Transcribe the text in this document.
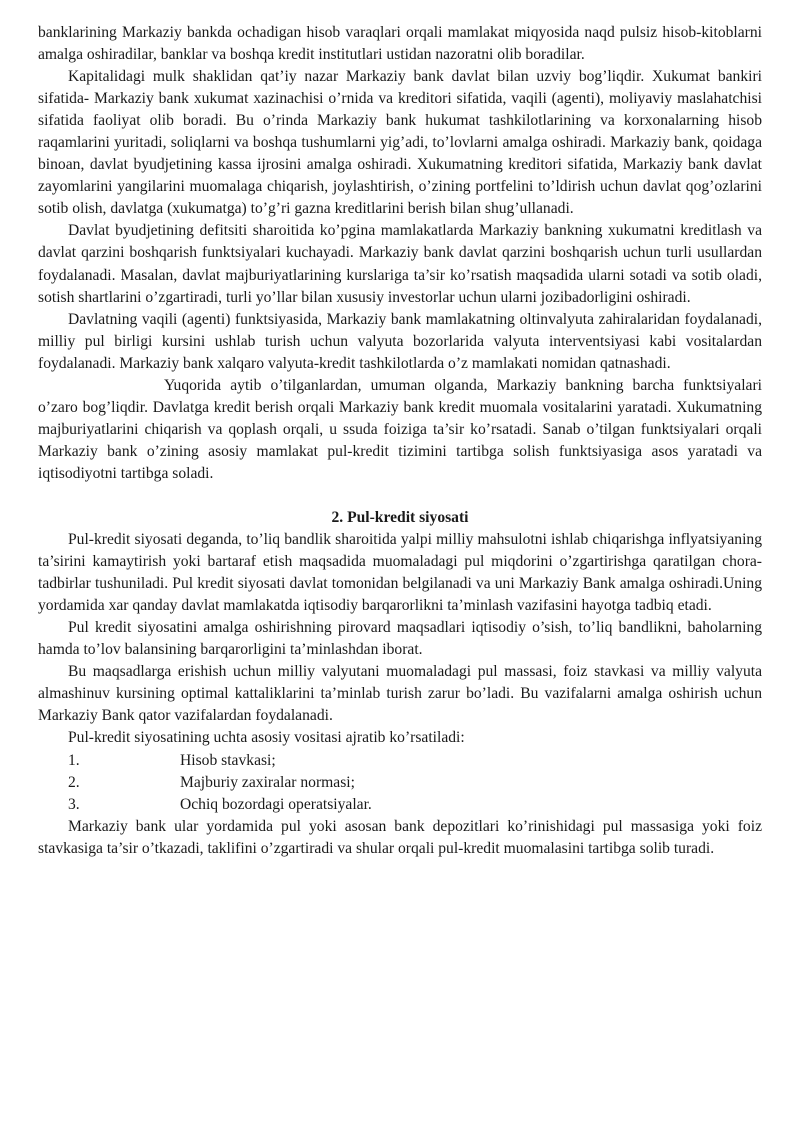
banklarining Markaziy bankda ochadigan hisob varaqlari orqali mamlakat miqyosida naqd pulsiz hisob-kitoblarni amalga oshiradilar, banklar va boshqa kredit institutlari ustidan nazoratni olib boradilar.

Kapitalidagi mulk shaklidan qat’iy nazar Markaziy bank davlat bilan uzviy bog’liqdir. Xukumat bankiri sifatida- Markaziy bank xukumat xazinachisi o’rnida va kreditori sifatida, vaqili (agenti), moliyaviy maslahatchisi sifatida faoliyat olib boradi. Bu o’rinda Markaziy bank hukumat tashkilotlarining va korxonalarning hisob raqamlarini yuritadi, soliqlarni va boshqa tushumlarni yig’adi, to’lovlarni amalga oshiradi. Markaziy bank, qoidaga binoan, davlat byudjetining kassa ijrosini amalga oshiradi. Xukumatning kreditori sifatida, Markaziy bank davlat zayomlarini yangilarini muomalaga chiqarish, joylashtirish, o’zining portfelini to’ldirish uchun davlat qog’ozlarini sotib olish, davlatga (xukumatga) to’g’ri gazna kreditlarini berish bilan shug’ullanadi.

Davlat byudjetining defitsiti sharoitida ko’pgina mamlakatlarda Markaziy bankning xukumatni kreditlash va davlat qarzini boshqarish funktsiyalari kuchayadi. Markaziy bank davlat qarzini boshqarish uchun turli usullardan foydalanadi. Masalan, davlat majburiyatlarining kurslariga ta’sir ko’rsatish maqsadida ularni sotadi va sotib oladi, sotish shartlarini o’zgartiradi, turli yo’llar bilan xususiy investorlar uchun ularni jozibadorligini oshiradi.

Davlatning vaqili (agenti) funktsiyasida, Markaziy bank mamlakatning oltinvalyuta zahiralaridan foydalanadi, milliy pul birligi kursini ushlab turish uchun valyuta bozorlarida valyuta interventsiyasi kabi vositalardan foydalanadi. Markaziy bank xalqaro valyuta-kredit tashkilotlarda o’z mamlakati nomidan qatnashadi.

Yuqorida aytib o’tilganlardan, umuman olganda, Markaziy bankning barcha funktsiyalari o’zaro bog’liqdir. Davlatga kredit berish orqali Markaziy bank kredit muomala vositalarini yaratadi. Xukumatning majburiyatlarini chiqarish va qoplash orqali, u ssuda foiziga ta’sir ko’rsatadi. Sanab o’tilgan funktsiyalari orqali Markaziy bank o’zining asosiy mamlakat pul-kredit tizimini tartibga solish funktsiyasiga asos yaratadi va iqtisodiyotni tartibga soladi.

2. Pul-kredit siyosati

Pul-kredit siyosati deganda, to’liq bandlik sharoitida yalpi milliy mahsulotni ishlab chiqarishga inflyatsiyaning ta’sirini kamaytirish yoki bartaraf etish maqsadida muomaladagi pul miqdorini o’zgartirishga qaratilgan chora-tadbirlar tushuniladi. Pul kredit siyosati davlat tomonidan belgilanadi va uni Markaziy Bank amalga oshiradi.Uning yordamida xar qanday davlat mamlakatda iqtisodiy barqarorlikni ta’minlash vazifasini hayotga tadbiq etadi.

Pul kredit siyosatini amalga oshirishning pirovard maqsadlari iqtisodiy o’sish, to’liq bandlikni, baholarning hamda to’lov balansining barqarorligini ta’minlashdan iborat.

Bu maqsadlarga erishish uchun milliy valyutani muomaladagi pul massasi, foiz stavkasi va milliy valyuta almashinuv kursining optimal kattaliklarini ta’minlab turish zarur bo’ladi. Bu vazifalarni amalga oshirish uchun Markaziy Bank qator vazifalardan foydalanadi.

Pul-kredit siyosatining uchta asosiy vositasi ajratib ko’rsatiladi:

1.	Hisob stavkasi;
2.	Majburiy zaxiralar normasi;
3.	Ochiq bozordagi operatsiyalar.

Markaziy bank ular yordamida pul yoki asosan bank depozitlari ko’rinishidagi pul massasiga yoki foiz stavkasiga ta’sir o’tkazadi, taklifini o’zgartiradi va shular orqali pul-kredit muomalasini tartibga solib turadi.
